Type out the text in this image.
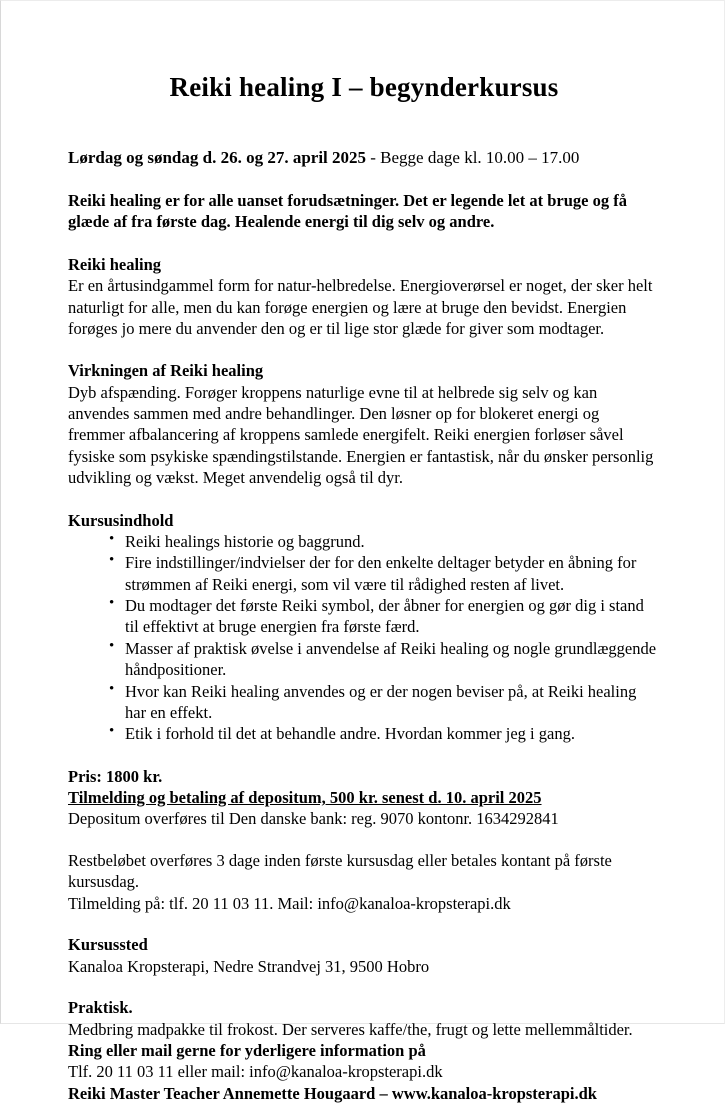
Reiki healing I – begynderkursus

Lørdag og søndag d. 26. og 27. april 2025 - Begge dage kl. 10.00 – 17.00

Reiki healing er for alle uanset forudsætninger. Det er legende let at bruge og få glæde af fra første dag. Healende energi til dig selv og andre.

Reiki healing

Er en årtusindgammel form for natur-helbredelse. Energioverørsel er noget, der sker helt naturligt for alle, men du kan forøge energien og lære at bruge den bevidst. Energien forøges jo mere du anvender den og er til lige stor glæde for giver som modtager.

Virkningen af Reiki healing

Dyb afspænding. Forøger kroppens naturlige evne til at helbrede sig selv og kan anvendes sammen med andre behandlinger. Den løsner op for blokeret energi og fremmer afbalancering af kroppens samlede energifelt. Reiki energien forløser såvel fysiske som psykiske spændingstilstande. Energien er fantastisk, når du ønsker personlig udvikling og vækst. Meget anvendelig også til dyr.

Kursusindhold

• Reiki healings historie og baggrund.
• Fire indstillinger/indvielser der for den enkelte deltager betyder en åbning for strømmen af Reiki energi, som vil være til rådighed resten af livet.
• Du modtager det første Reiki symbol, der åbner for energien og gør dig i stand til effektivt at bruge energien fra første færd.
• Masser af praktisk øvelse i anvendelse af Reiki healing og nogle grundlæggende håndpositioner.
• Hvor kan Reiki healing anvendes og er der nogen beviser på, at Reiki healing har en effekt.
• Etik i forhold til det at behandle andre. Hvordan kommer jeg i gang.

Pris: 1800 kr.

Tilmelding og betaling af depositum, 500 kr. senest d. 10. april 2025

Depositum overføres til Den danske bank: reg. 9070 kontonr. 1634292841

Restbeløbet overføres 3 dage inden første kursusdag eller betales kontant på første kursusdag.

Tilmelding på: tlf. 20 11 03 11. Mail: info@kanaloa-kropsterapi.dk

Kursussted

Kanaloa Kropsterapi, Nedre Strandvej 31, 9500 Hobro

Praktisk.

Medbring madpakke til frokost. Der serveres kaffe/the, frugt og lette mellemmåltider.

Ring eller mail gerne for yderligere information på

Tlf. 20 11 03 11 eller mail: info@kanaloa-kropsterapi.dk

Reiki Master Teacher Annemette Hougaard – www.kanaloa-kropsterapi.dk
